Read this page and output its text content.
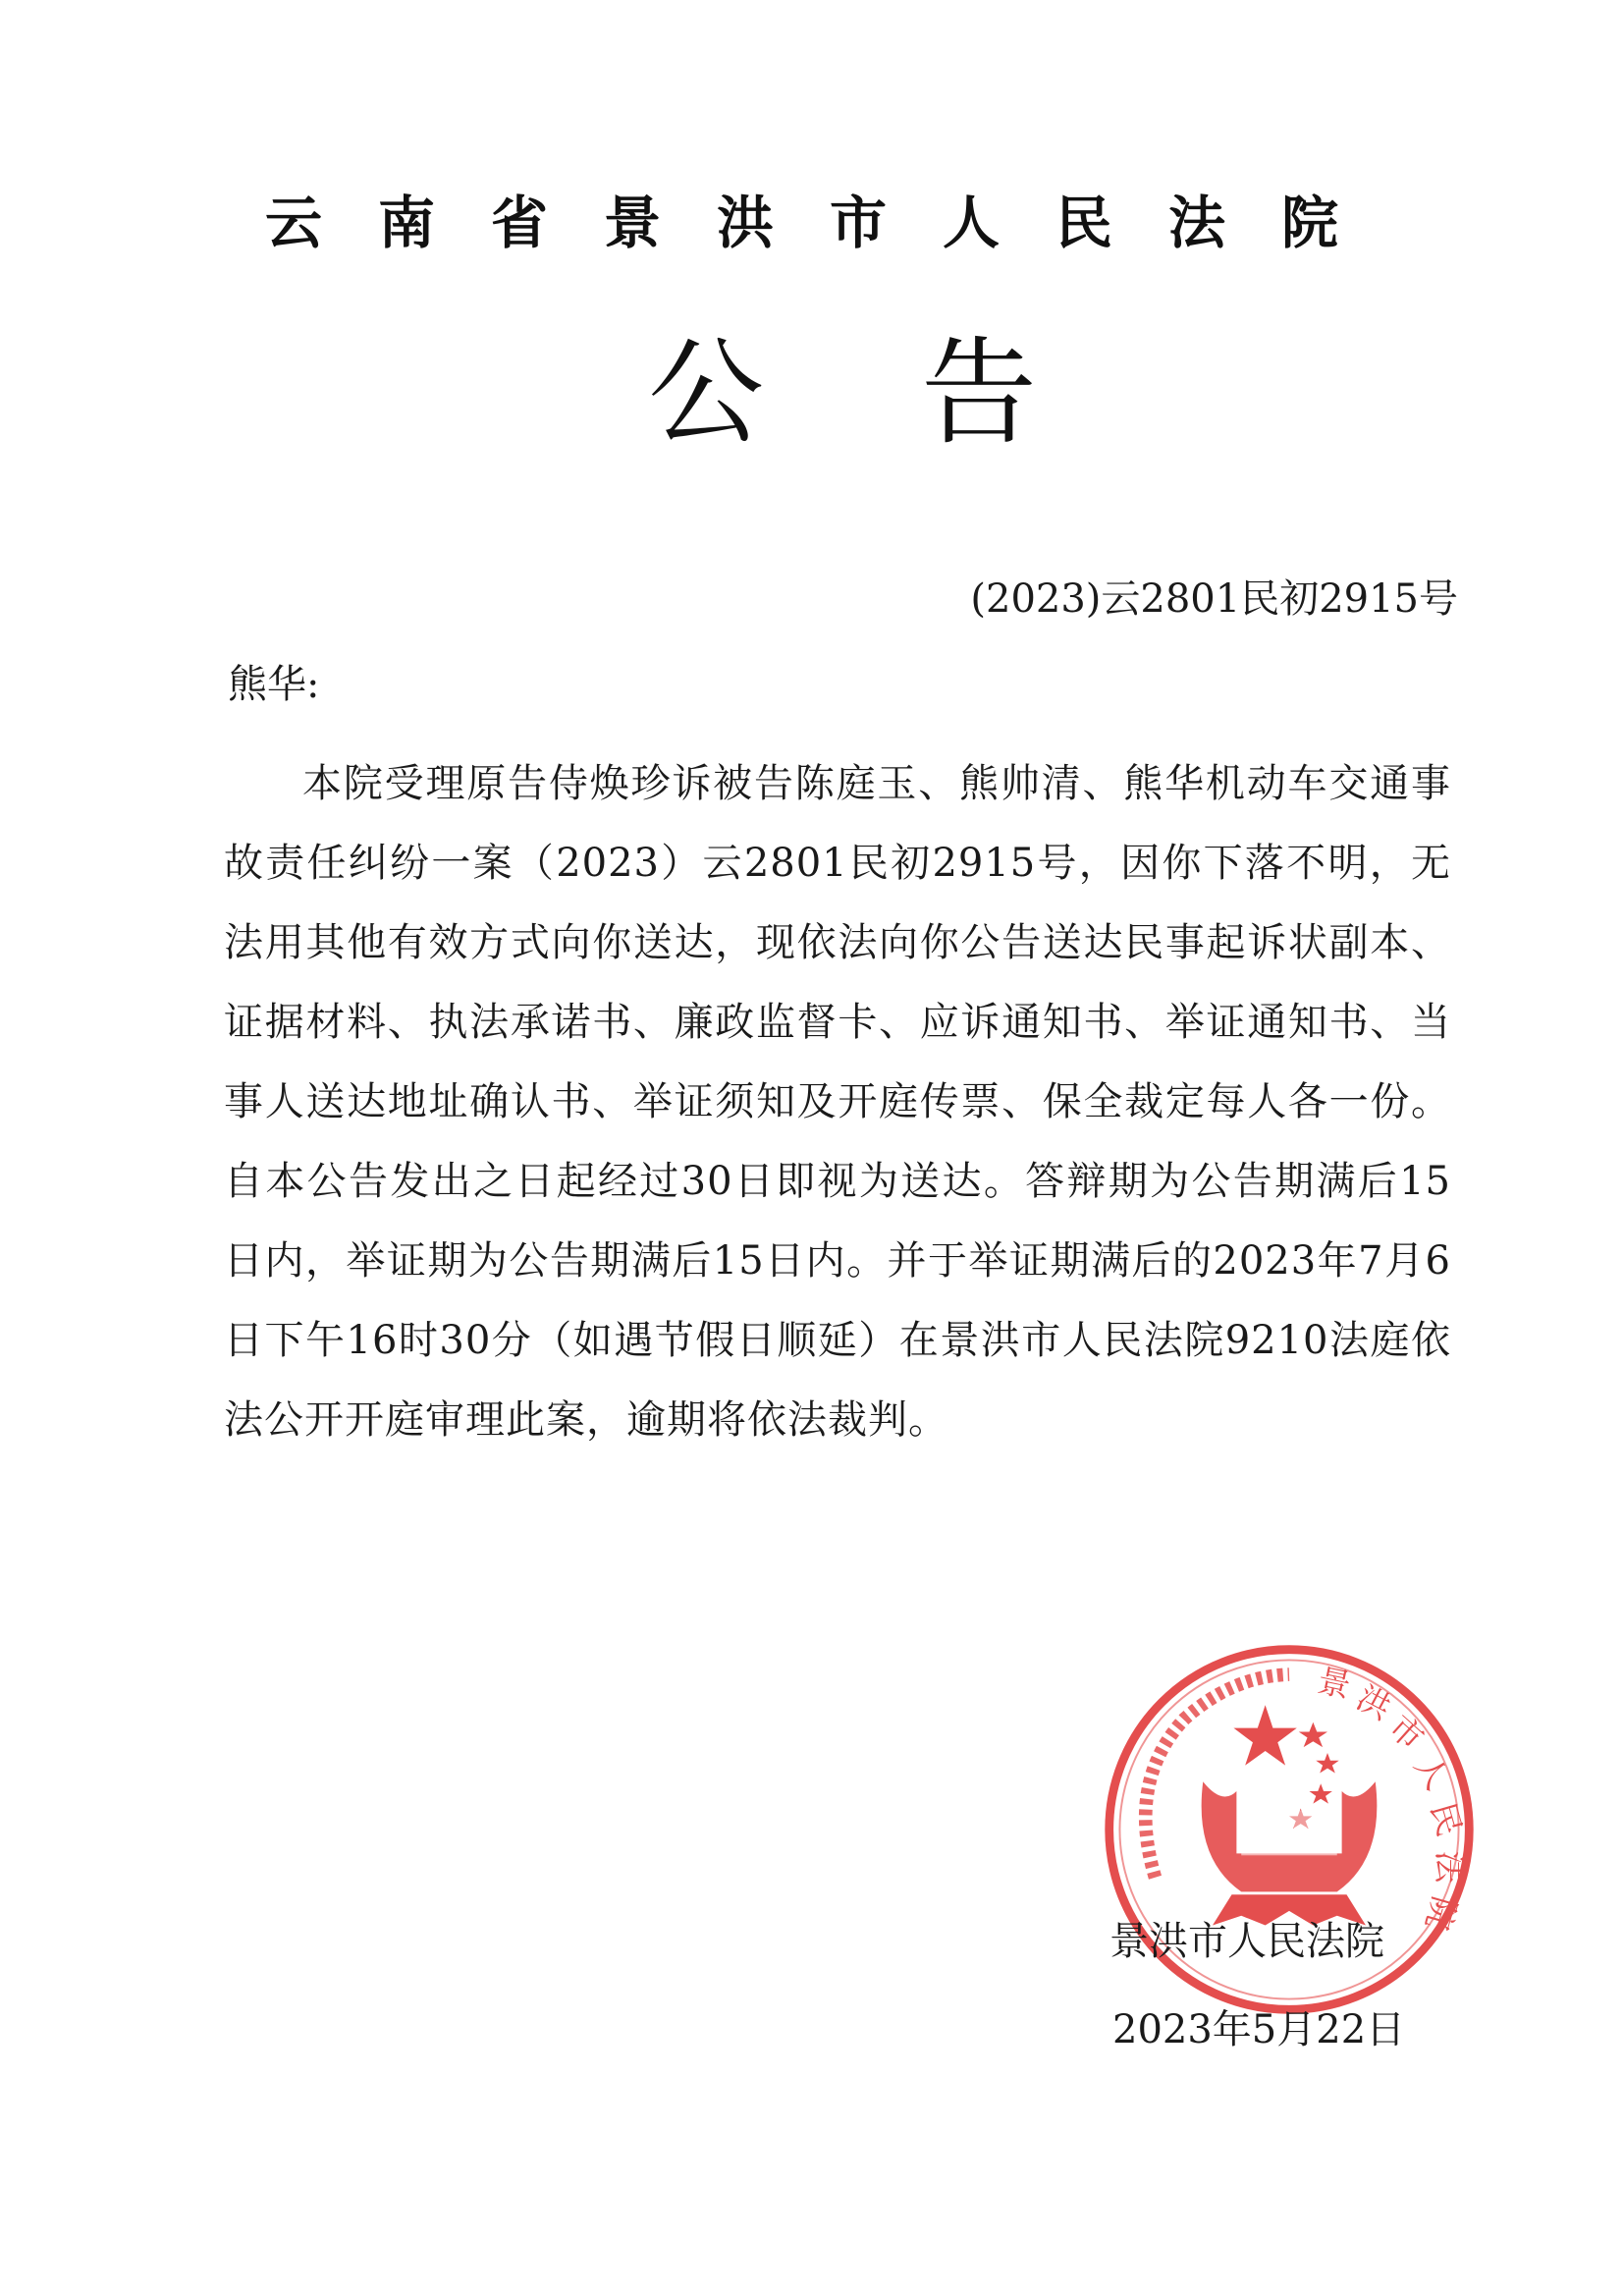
云南省景洪市人民法院
公告
(2023)云2801民初2915号
熊华:

本院受理原告侍焕珍诉被告陈庭玉、熊帅清、熊华机动车交通事故责任纠纷一案（2023）云2801民初2915号，因你下落不明，无法用其他有效方式向你送达，现依法向你公告送达民事起诉状副本、证据材料、执法承诺书、廉政监督卡、应诉通知书、举证通知书、当事人送达地址确认书、举证须知及开庭传票、保全裁定每人各一份。自本公告发出之日起经过30日即视为送达。答辩期为公告期满后15日内，举证期为公告期满后15日内。并于举证期满后的2023年7月6日下午16时30分（如遇节假日顺延）在景洪市人民法院9210法庭依法公开开庭审理此案，逾期将依法裁判。

景
洪
市
人
民
法
院
景洪市人民法院
2023年5月22日
